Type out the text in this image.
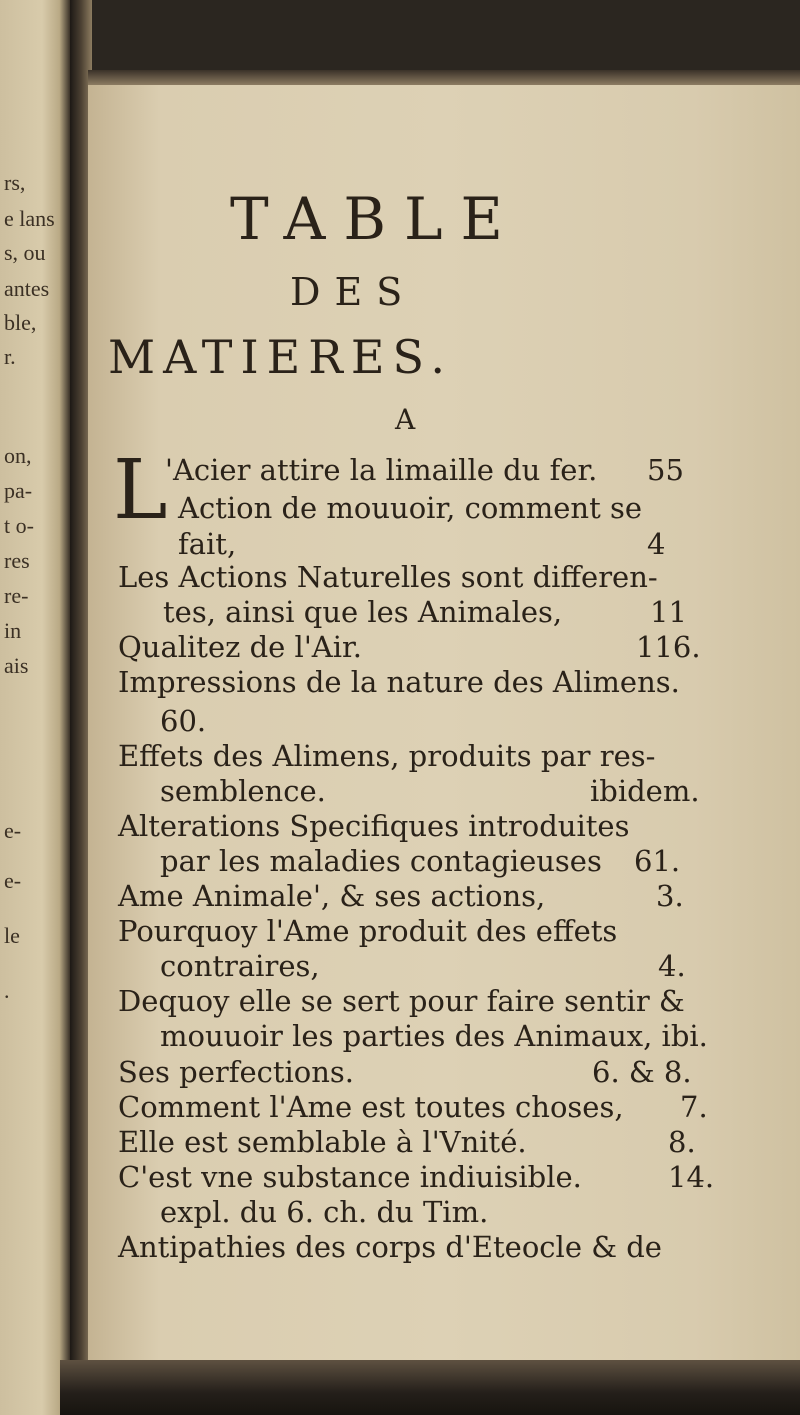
rs,
e lans
s, ou
antes
ble,
r.
on,
pa-
t o-
res
re-
in
ais
e-
e-
le
.
TABLE
DES
MATIERES.
A
L
'Acier attire la limaille du fer. 55
Action de mouuoir, comment se
fait,	4
Les Actions Naturelles sont differen-
tes, ainsi que les Animales,	11
Qualitez de l'Air.	116.
Impressions de la nature des Alimens.
60.
Effets des Alimens, produits par res-
semblence.	ibidem.
Alterations Specifiques introduites
par les maladies contagieuses 61.
Ame Animale', & ses actions,	3.
Pourquoy l'Ame produit des effets
contraires,	4.
Dequoy elle se sert pour faire sentir &
mouuoir les parties des Animaux, ibi.
Ses perfections.	6. & 8.
Comment l'Ame est toutes choses, 7.
Elle est semblable à l'Vnité.	8.
C'est vne substance indiuisible.	14.
expl. du 6. ch. du Tim.
Antipathies des corps d'Eteocle & de
